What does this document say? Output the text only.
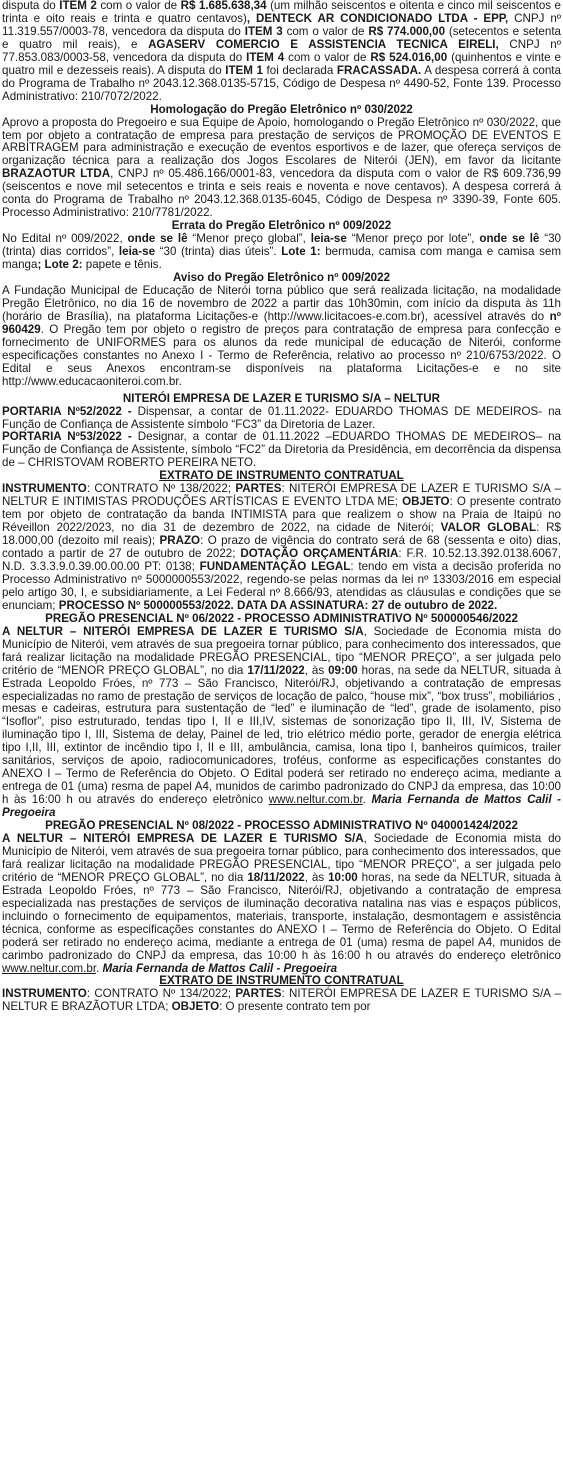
disputa do ITEM 2 com o valor de R$ 1.685.638,34 (um milhão seiscentos e oitenta e cinco mil seiscentos e trinta e oito reais e trinta e quatro centavos), DENTECK AR CONDICIONADO LTDA - EPP, CNPJ nº 11.319.557/0003-78, vencedora da disputa do ITEM 3 com o valor de R$ 774.000,00 (setecentos e setenta e quatro mil reais), e AGASERV COMERCIO E ASSISTENCIA TECNICA EIRELI, CNPJ nº 77.853.083/0003-58, vencedora da disputa do ITEM 4 com o valor de R$ 524.016,00 (quinhentos e vinte e quatro mil e dezesseis reais). A disputa do ITEM 1 foi declarada FRACASSADA. A despesa correrá à conta do Programa de Trabalho nº 2043.12.368.0135-5715, Código de Despesa nº 4490-52, Fonte 139. Processo Administrativo: 210/7072/2022.

Homologação do Pregão Eletrônico nº 030/2022

Aprovo a proposta do Pregoeiro e sua Equipe de Apoio, homologando o Pregão Eletrônico nº 030/2022, que tem por objeto a contratação de empresa para prestação de serviços de PROMOÇÃO DE EVENTOS E ARBITRAGEM para administração e execução de eventos esportivos e de lazer, que ofereça serviços de organização técnica para a realização dos Jogos Escolares de Niterói (JEN), em favor da licitante BRAZAOTUR LTDA, CNPJ nº 05.486.166/0001-83, vencedora da disputa com o valor de R$ 609.736,99 (seiscentos e nove mil setecentos e trinta e seis reais e noventa e nove centavos). A despesa correrá à conta do Programa de Trabalho nº 2043.12.368.0135-6045, Código de Despesa nº 3390-39, Fonte 605. Processo Administrativo: 210/7781/2022.

Errata do Pregão Eletrônico nº 009/2022

No Edital nº 009/2022, onde se lê “Menor preço global”, leia-se “Menor preço por lote”, onde se lê “30 (trinta) dias corridos”, leia-se “30 (trinta) dias úteis”. Lote 1: bermuda, camisa com manga e camisa sem manga; Lote 2: papete e tênis.

Aviso do Pregão Eletrônico nº 009/2022

A Fundação Municipal de Educação de Niterói torna público que será realizada licitação, na modalidade Pregão Eletrônico, no dia 16 de novembro de 2022 a partir das 10h30min, com início da disputa às 11h (horário de Brasília), na plataforma Licitações-e (http://www.licitacoes-e.com.br), acessível através do nº 960429. O Pregão tem por objeto o registro de preços para contratação de empresa para confecção e fornecimento de UNIFORMES para os alunos da rede municipal de educação de Niterói, conforme especificações constantes no Anexo I - Termo de Referência, relativo ao processo nº 210/6753/2022. O Edital e seus Anexos encontram-se disponíveis na plataforma Licitações-e e no site http://www.educacaoniteroi.com.br.

NITERÓI EMPRESA DE LAZER E TURISMO S/A – NELTUR

PORTARIA Nº52/2022 - Dispensar, a contar de 01.11.2022- EDUARDO THOMAS DE MEDEIROS- na Função de Confiança de Assistente símbolo “FC3” da Diretoria de Lazer.

PORTARIA Nº53/2022 - Designar, a contar de 01.11.2022 –EDUARDO THOMAS DE MEDEIROS– na Função de Confiança de Assistente, símbolo “FC2” da Diretoria da Presidência, em decorrência da dispensa de – CHRISTOVAM ROBERTO PEREIRA NETO.

EXTRATO DE INSTRUMENTO CONTRATUAL

INSTRUMENTO: CONTRATO Nº 138/2022; PARTES: NITERÓI EMPRESA DE LAZER E TURISMO S/A – NELTUR E INTIMISTAS PRODUÇÕES ARTÍSTICAS E EVENTO LTDA ME; OBJETO: O presente contrato tem por objeto de contratação da banda INTIMISTA para que realizem o show na Praia de Itaipú no Réveillon 2022/2023, no dia 31 de dezembro de 2022, na cidade de Niterói; VALOR GLOBAL: R$ 18.000,00 (dezoito mil reais); PRAZO: O prazo de vigência do contrato será de 68 (sessenta e oito) dias, contado a partir de 27 de outubro de 2022; DOTAÇÃO ORÇAMENTÁRIA: F.R. 10.52.13.392.0138.6067, N.D. 3.3.3.9.0.39.00.00.00 PT: 0138; FUNDAMENTAÇÃO LEGAL: tendo em vista a decisão proferida no Processo Administrativo nº 5000000553/2022, regendo-se pelas normas da lei nº 13303/2016 em especial pelo artigo 30, I, e subsidiariamente, a Lei Federal nº 8.666/93, atendidas as cláusulas e condições que se enunciam; PROCESSO Nº 500000553/2022. DATA DA ASSINATURA: 27 de outubro de 2022.

PREGÃO PRESENCIAL Nº 06/2022 - PROCESSO ADMINISTRATIVO Nº 500000546/2022

A NELTUR – NITERÓI EMPRESA DE LAZER E TURISMO S/A, Sociedade de Economia mista do Município de Niterói, vem através de sua pregoeira tornar público, para conhecimento dos interessados, que fará realizar licitação na modalidade PREGÃO PRESENCIAL, tipo “MENOR PREÇO”, a ser julgada pelo critério de “MENOR PREÇO GLOBAL”, no dia 17/11/2022, às 09:00 horas, na sede da NELTUR, situada à Estrada Leopoldo Fróes, nº 773 – São Francisco, Niterói/RJ, objetivando a contratação de empresas especializadas no ramo de prestação de serviços de locação de palco, “house mix”, “box truss”, mobiliários , mesas e cadeiras, estrutura para sustentação de “led” e iluminação de “led”, grade de isolamento, piso “Isoflor”, piso estruturado, tendas tipo I, II e III,IV, sistemas de sonorização tipo II, III, IV, Sistema de iluminação tipo I, III, Sistema de delay, Painel de led, trio elétrico médio porte, gerador de energia elétrica tipo I,II, III, extintor de incêndio tipo I, II e III, ambulância, camisa, lona tipo I, banheiros químicos, trailer sanitários, serviços de apoio, radiocomunicadores, troféus, conforme as especificações constantes do ANEXO I – Termo de Referência do Objeto. O Edital poderá ser retirado no endereço acima, mediante a entrega de 01 (uma) resma de papel A4, munidos de carimbo padronizado do CNPJ da empresa, das 10:00 h às 16:00 h ou através do endereço eletrônico www.neltur.com.br. Maria Fernanda de Mattos Calil - Pregoeira

PREGÃO PRESENCIAL Nº 08/2022 - PROCESSO ADMINISTRATIVO Nº 040001424/2022

A NELTUR – NITERÓI EMPRESA DE LAZER E TURISMO S/A, Sociedade de Economia mista do Município de Niterói, vem através de sua pregoeira tornar público, para conhecimento dos interessados, que fará realizar licitação na modalidade PREGÃO PRESENCIAL, tipo “MENOR PREÇO”, a ser julgada pelo critério de “MENOR PREÇO GLOBAL”, no dia 18/11/2022, às 10:00 horas, na sede da NELTUR, situada à Estrada Leopoldo Fróes, nº 773 – São Francisco, Niterói/RJ, objetivando a contratação de empresa especializada nas prestações de serviços de iluminação decorativa natalina nas vias e espaços públicos, incluindo o fornecimento de equipamentos, materiais, transporte, instalação, desmontagem e assistência técnica, conforme as especificações constantes do ANEXO I – Termo de Referência do Objeto. O Edital poderá ser retirado no endereço acima, mediante a entrega de 01 (uma) resma de papel A4, munidos de carimbo padronizado do CNPJ da empresa, das 10:00 h às 16:00 h ou através do endereço eletrônico www.neltur.com.br. Maria Fernanda de Mattos Calil - Pregoeira

EXTRATO DE INSTRUMENTO CONTRATUAL

INSTRUMENTO: CONTRATO Nº 134/2022; PARTES: NITERÓI EMPRESA DE LAZER E TURISMO S/A – NELTUR E BRAZÃOTUR LTDA; OBJETO: O presente contrato tem por
